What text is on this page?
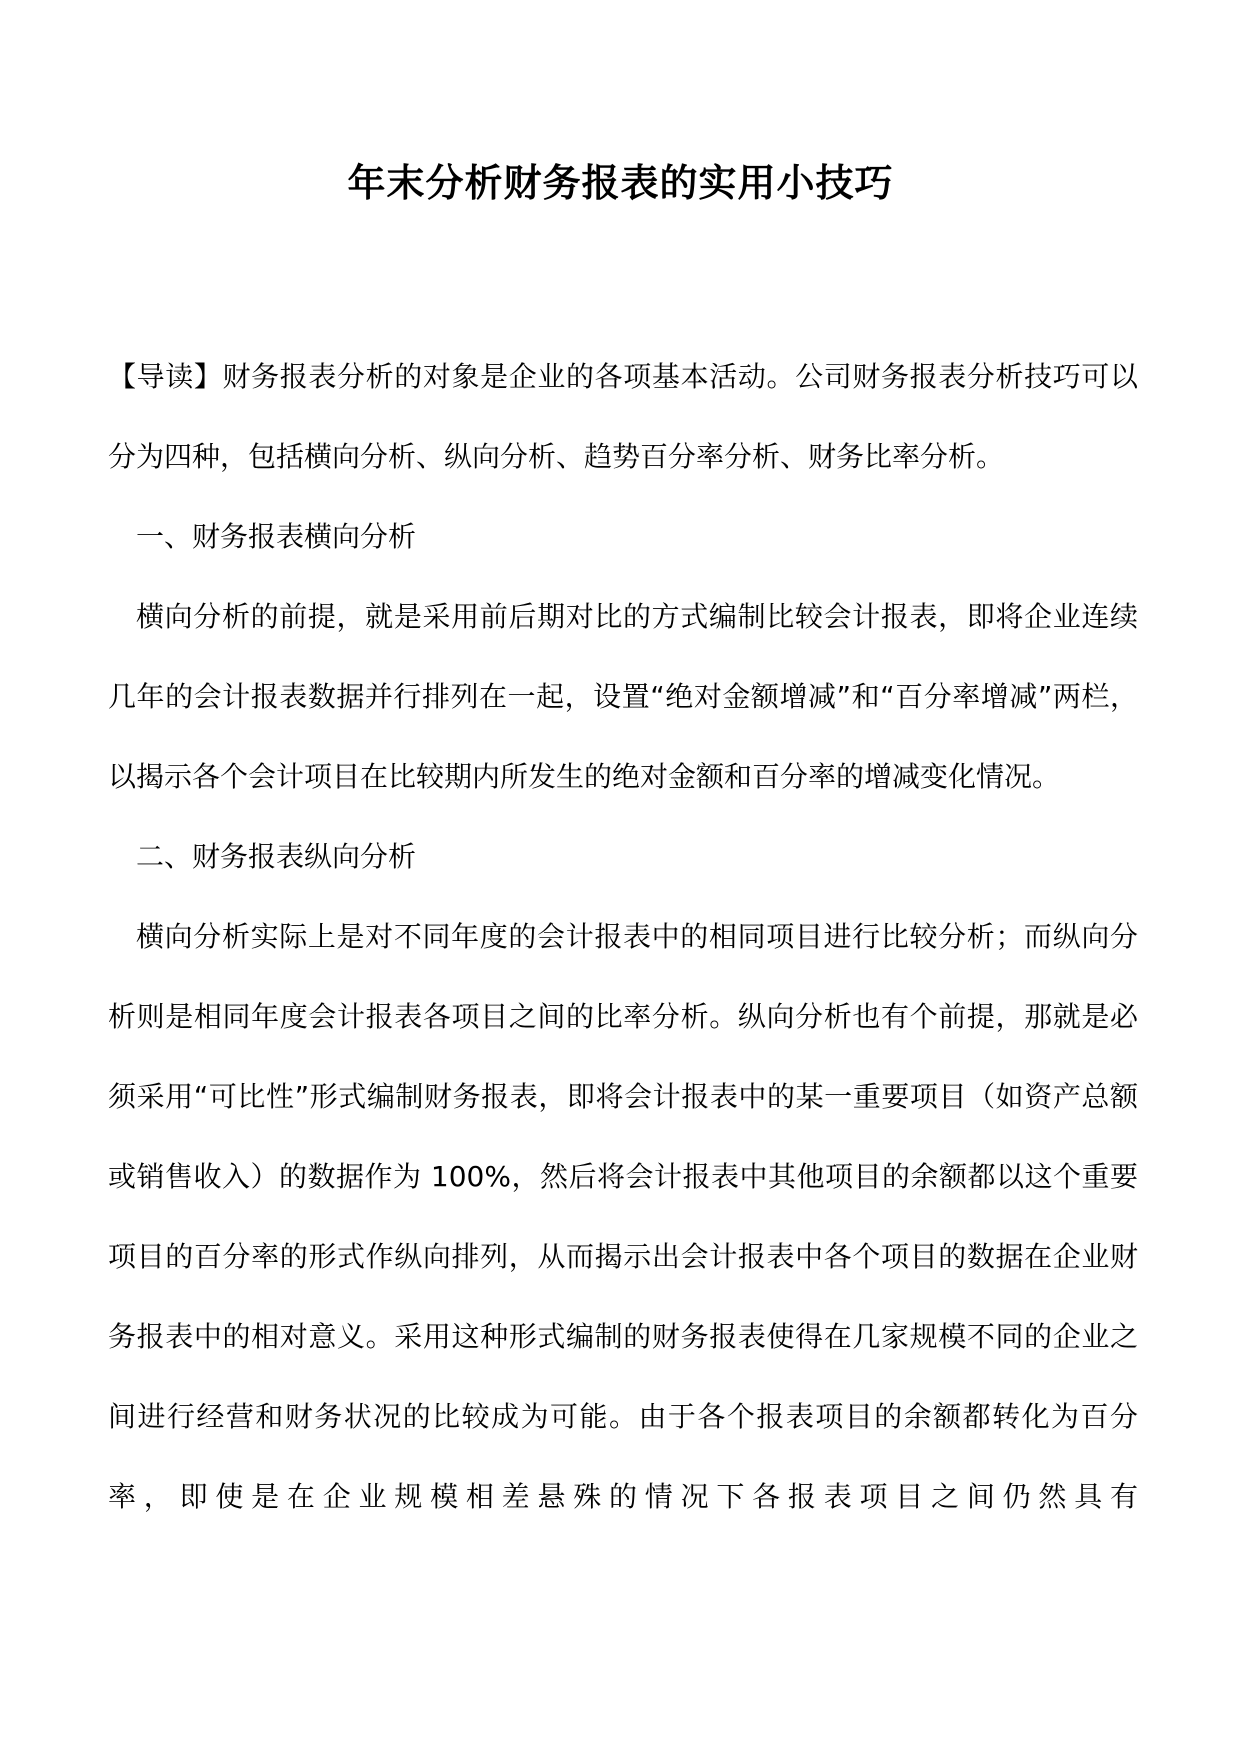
年末分析财务报表的实用小技巧

【导读】财务报表分析的对象是企业的各项基本活动。公司财务报表分析技巧可以分为四种，包括横向分析、纵向分析、趋势百分率分析、财务比率分析。

一、财务报表横向分析

横向分析的前提，就是采用前后期对比的方式编制比较会计报表，即将企业连续几年的会计报表数据并行排列在一起，设置“绝对金额增减”和“百分率增减”两栏，以揭示各个会计项目在比较期内所发生的绝对金额和百分率的增减变化情况。

二、财务报表纵向分析

横向分析实际上是对不同年度的会计报表中的相同项目进行比较分析；而纵向分析则是相同年度会计报表各项目之间的比率分析。纵向分析也有个前提，那就是必须采用“可比性”形式编制财务报表，即将会计报表中的某一重要项目（如资产总额或销售收入）的数据作为 100%，然后将会计报表中其他项目的余额都以这个重要项目的百分率的形式作纵向排列，从而揭示出会计报表中各个项目的数据在企业财务报表中的相对意义。采用这种形式编制的财务报表使得在几家规模不同的企业之间进行经营和财务状况的比较成为可能。由于各个报表项目的余额都转化为百分率，即使是在企业规模相差悬殊的情况下各报表项目之间仍然具有
